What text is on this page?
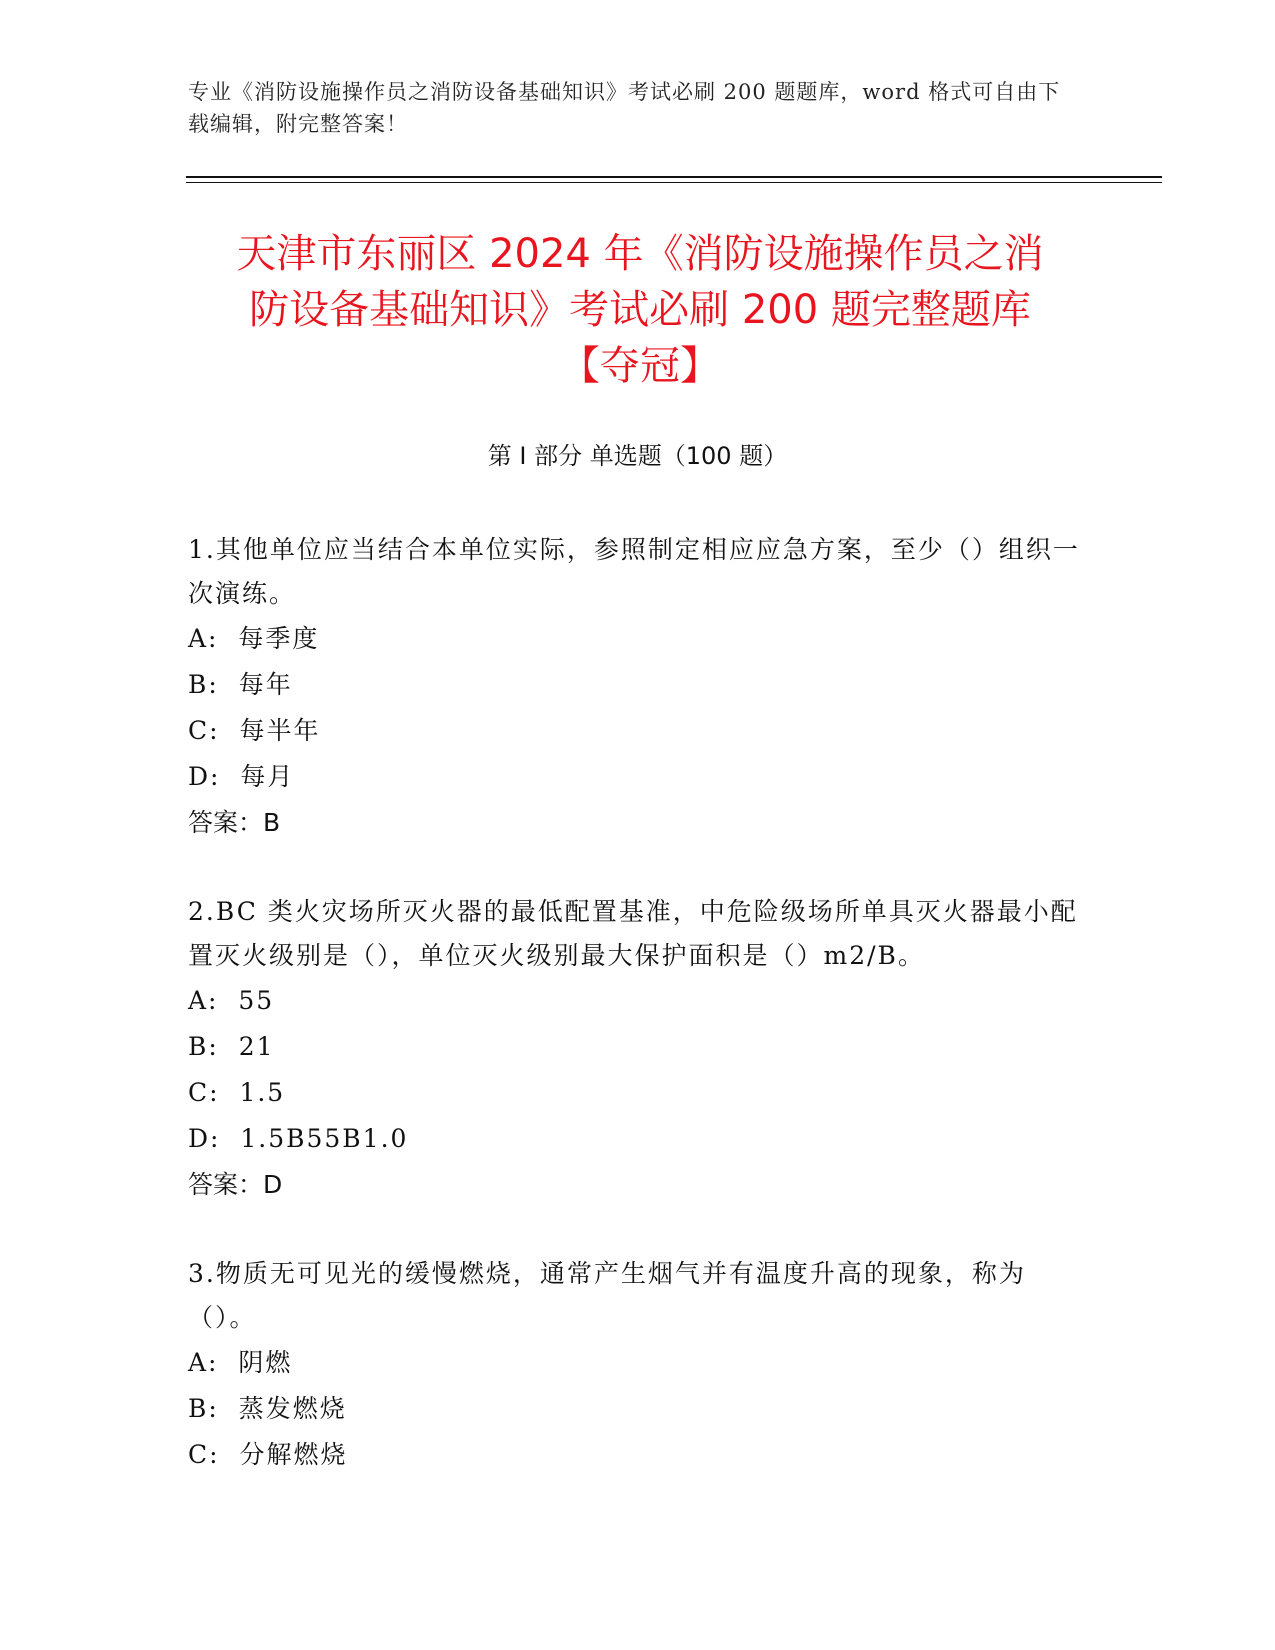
专业《消防设施操作员之消防设备基础知识》考试必刷 200 题题库，word 格式可自由下载编辑，附完整答案！
天津市东丽区 2024 年《消防设施操作员之消
防设备基础知识》考试必刷 200 题完整题库
【夺冠】
第 I 部分 单选题（100 题）
1.其他单位应当结合本单位实际，参照制定相应应急方案，至少（）组织一次演练。
A:  每季度
B:  每年
C:  每半年
D:  每月
答案：B
2.BC 类火灾场所灭火器的最低配置基准，中危险级场所单具灭火器最小配置灭火级别是（），单位灭火级别最大保护面积是（）m2/B。
A:  55
B:  21
C:  1.5
D:  1.5B55B1.0
答案：D
3.物质无可见光的缓慢燃烧，通常产生烟气并有温度升高的现象，称为（）。
A:  阴燃
B:  蒸发燃烧
C:  分解燃烧
